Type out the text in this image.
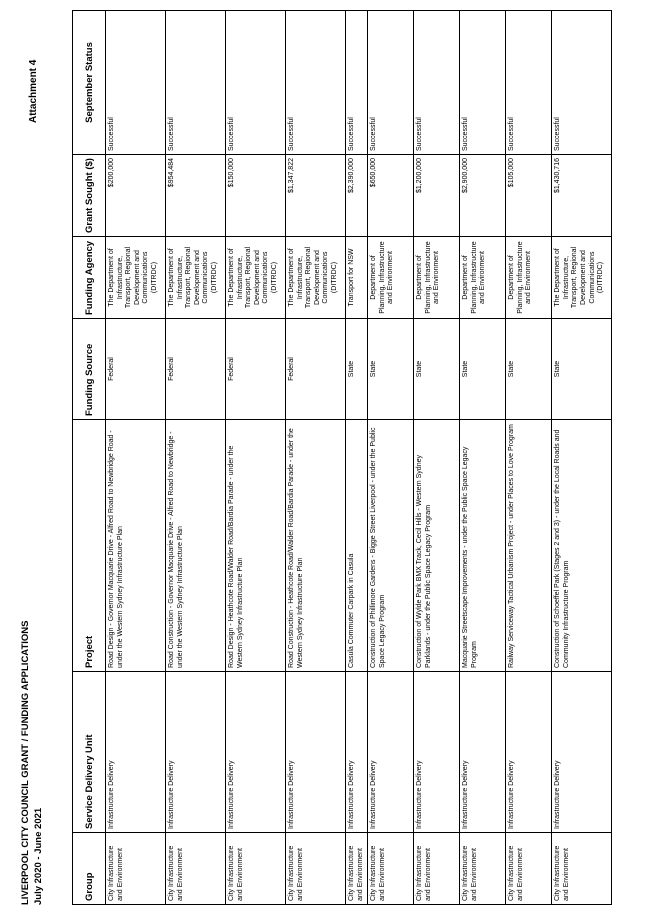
LIVERPOOL CITY COUNCIL GRANT / FUNDING APPLICATIONS July 2020 - June 2021
Attachment 4
Group	Service Delivery Unit	Project	Funding Source	Funding Agency	Grant Sought ($)	September Status
City Infrastructure and Environment	Infrastructure Delivery	Road Design - Governor Macquarie Drive - Alfred Road to Newbridge Road - under the Western Sydney Infrastructure Plan	Federal	The Department of Infrastructure, Transport, Regional Development and Communications (DITRDC)	$200,000	Successful
City Infrastructure and Environment	Infrastructure Delivery	Road Construction - Governor Macquarie Drive - Alfred Road to Newbridge - under the Western Sydney Infrastructure Plan	Federal	The Department of Infrastructure, Transport, Regional Development and Communications (DITRDC)	$954,484	Successful
City Infrastructure and Environment	Infrastructure Delivery	Road Design - Heathcote Road/Walder Road/Bardia Parade - under the Western Sydney Infrastructure Plan	Federal	The Department of Infrastructure, Transport, Regional Development and Communications (DITRDC)	$150,000	Successful
City Infrastructure and Environment	Infrastructure Delivery	Road Construction - Heathcote Road/Walder Road/Bardia Parade - under the Western Sydney Infrastructure Plan	Federal	The Department of Infrastructure, Transport, Regional Development and Communications (DITRDC)	$1,347,822	Successful
City Infrastructure and Environment	Infrastructure Delivery	Casula Commuter Carpark in Casula	State	Transport for NSW	$2,390,000	Successful
City Infrastructure and Environment	Infrastructure Delivery	Construction of Phillimore Gardens - Bigge Street Liverpool - under the Public Space Legacy Program	State	Department of Planning, Infrastructure and Environment	$650,000	Successful
City Infrastructure and Environment	Infrastructure Delivery	Construction of Wylde Park BMX Track, Cecil Hills - Western Sydney Parklands - under the Public Space Legacy Program	State	Department of Planning, Infrastructure and Environment	$1,200,000	Successful
City Infrastructure and Environment	Infrastructure Delivery	Macquarie Streetscape Improvements - under the Public Space Legacy Program	State	Department of Planning, Infrastructure and Environment	$2,900,000	Successful
City Infrastructure and Environment	Infrastructure Delivery	Railway Serviceway Tactical Urbanism Project - under Places to Love Program	State	Department of Planning, Infrastructure and Environment	$105,000	Successful
City Infrastructure and Environment	Infrastructure Delivery	Construction of Schoeffel Park (Stages 2 and 3) - under the Local Roads and Community Infrastructure Program	State	The Department of Infrastructure, Transport, Regional Development and Communications (DITRDC)	$1,430,716	Successful
